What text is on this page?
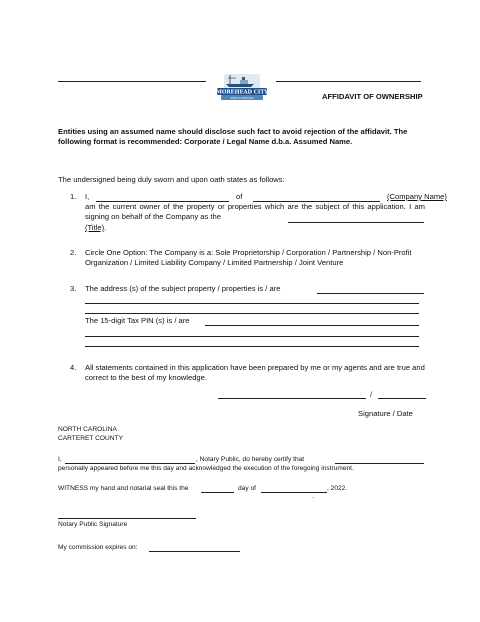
MOREHEAD CITY
NORTH CAROLINA	AFFIDAVIT OF OWNERSHIP
Entities using an assumed name should disclose such fact to avoid rejection of the affidavit. The following format is recommended: Corporate / Legal Name d.b.a. Assumed Name.
The undersigned being duly sworn and upon oath states as follows:
1. I,	of	(Company Name)
am the current owner of the property or properties which are the subject of this application. I am signing on behalf of the Company as the
(Title).
2. Circle One Option: The Company is a: Sole Proprietorship / Corporation / Partnership / Non-Profit Organization / Limited Liability Company / Limited Partnership / Joint Venture
3. The address (s) of the subject property / properties is / are
The 15-digit Tax PIN (s) is / are
4. All statements contained in this application have been prepared by me or my agents and are true and correct to the best of my knowledge.
/
Signature / Date
NORTH CAROLINA
CARTERET COUNTY
I,	, Notary Public, do hereby certify that
personally appeared before me this day and acknowledged the execution of the foregoing instrument.
WITNESS my hand and notarial seal this the	day of	, 2022.
.
Notary Public Signature
My commission expires on:
